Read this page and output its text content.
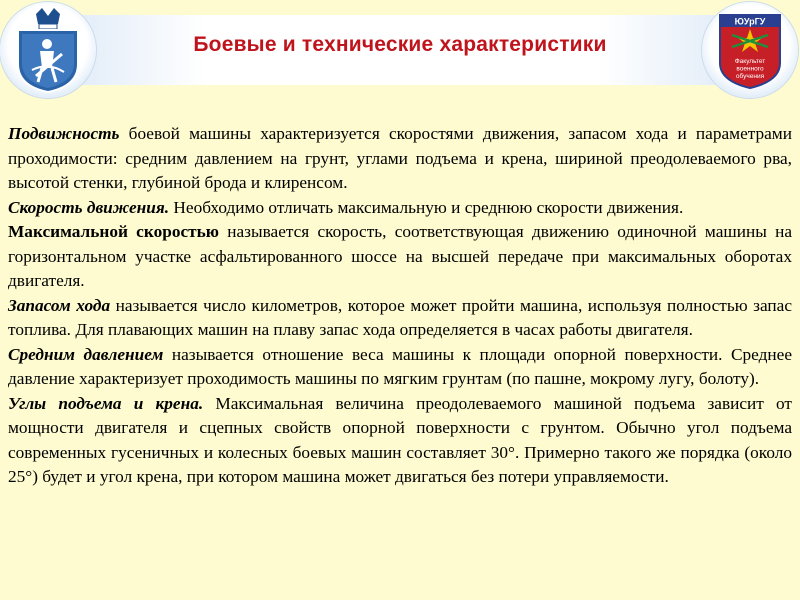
Боевые и технические характеристики
ЮУрГУ
Факультет
военного
обучения

Подвижность боевой машины характеризуется скоростями движения, запасом хода и параметрами проходимости: средним давлением на грунт, углами подъема и крена, шириной преодолеваемого рва, высотой стенки, глубиной брода и клиренсом.

Скорость движения. Необходимо отличать максимальную и среднюю скорости движения.

Максимальной скоростью называется скорость, соответствующая движению одиночной машины на горизонтальном участке асфальтированного шоссе на высшей передаче при максимальных оборотах двигателя.

Запасом хода называется число километров, которое может пройти машина, используя полностью запас топлива. Для плавающих машин на плаву запас хода определяется в часах работы двигателя.

Средним давлением называется отношение веса машины к площади опорной поверхности. Среднее давление характеризует проходимость машины по мягким грунтам (по пашне, мокрому лугу, болоту).

Углы подъема и крена. Максимальная величина преодолеваемого машиной подъема зависит от мощности двигателя и сцепных свойств опорной поверхности с грунтом. Обычно угол подъема современных гусеничных и колесных боевых машин составляет 30°. Примерно такого же порядка (около 25°) будет и угол крена, при котором машина может двигаться без потери управляемости.
